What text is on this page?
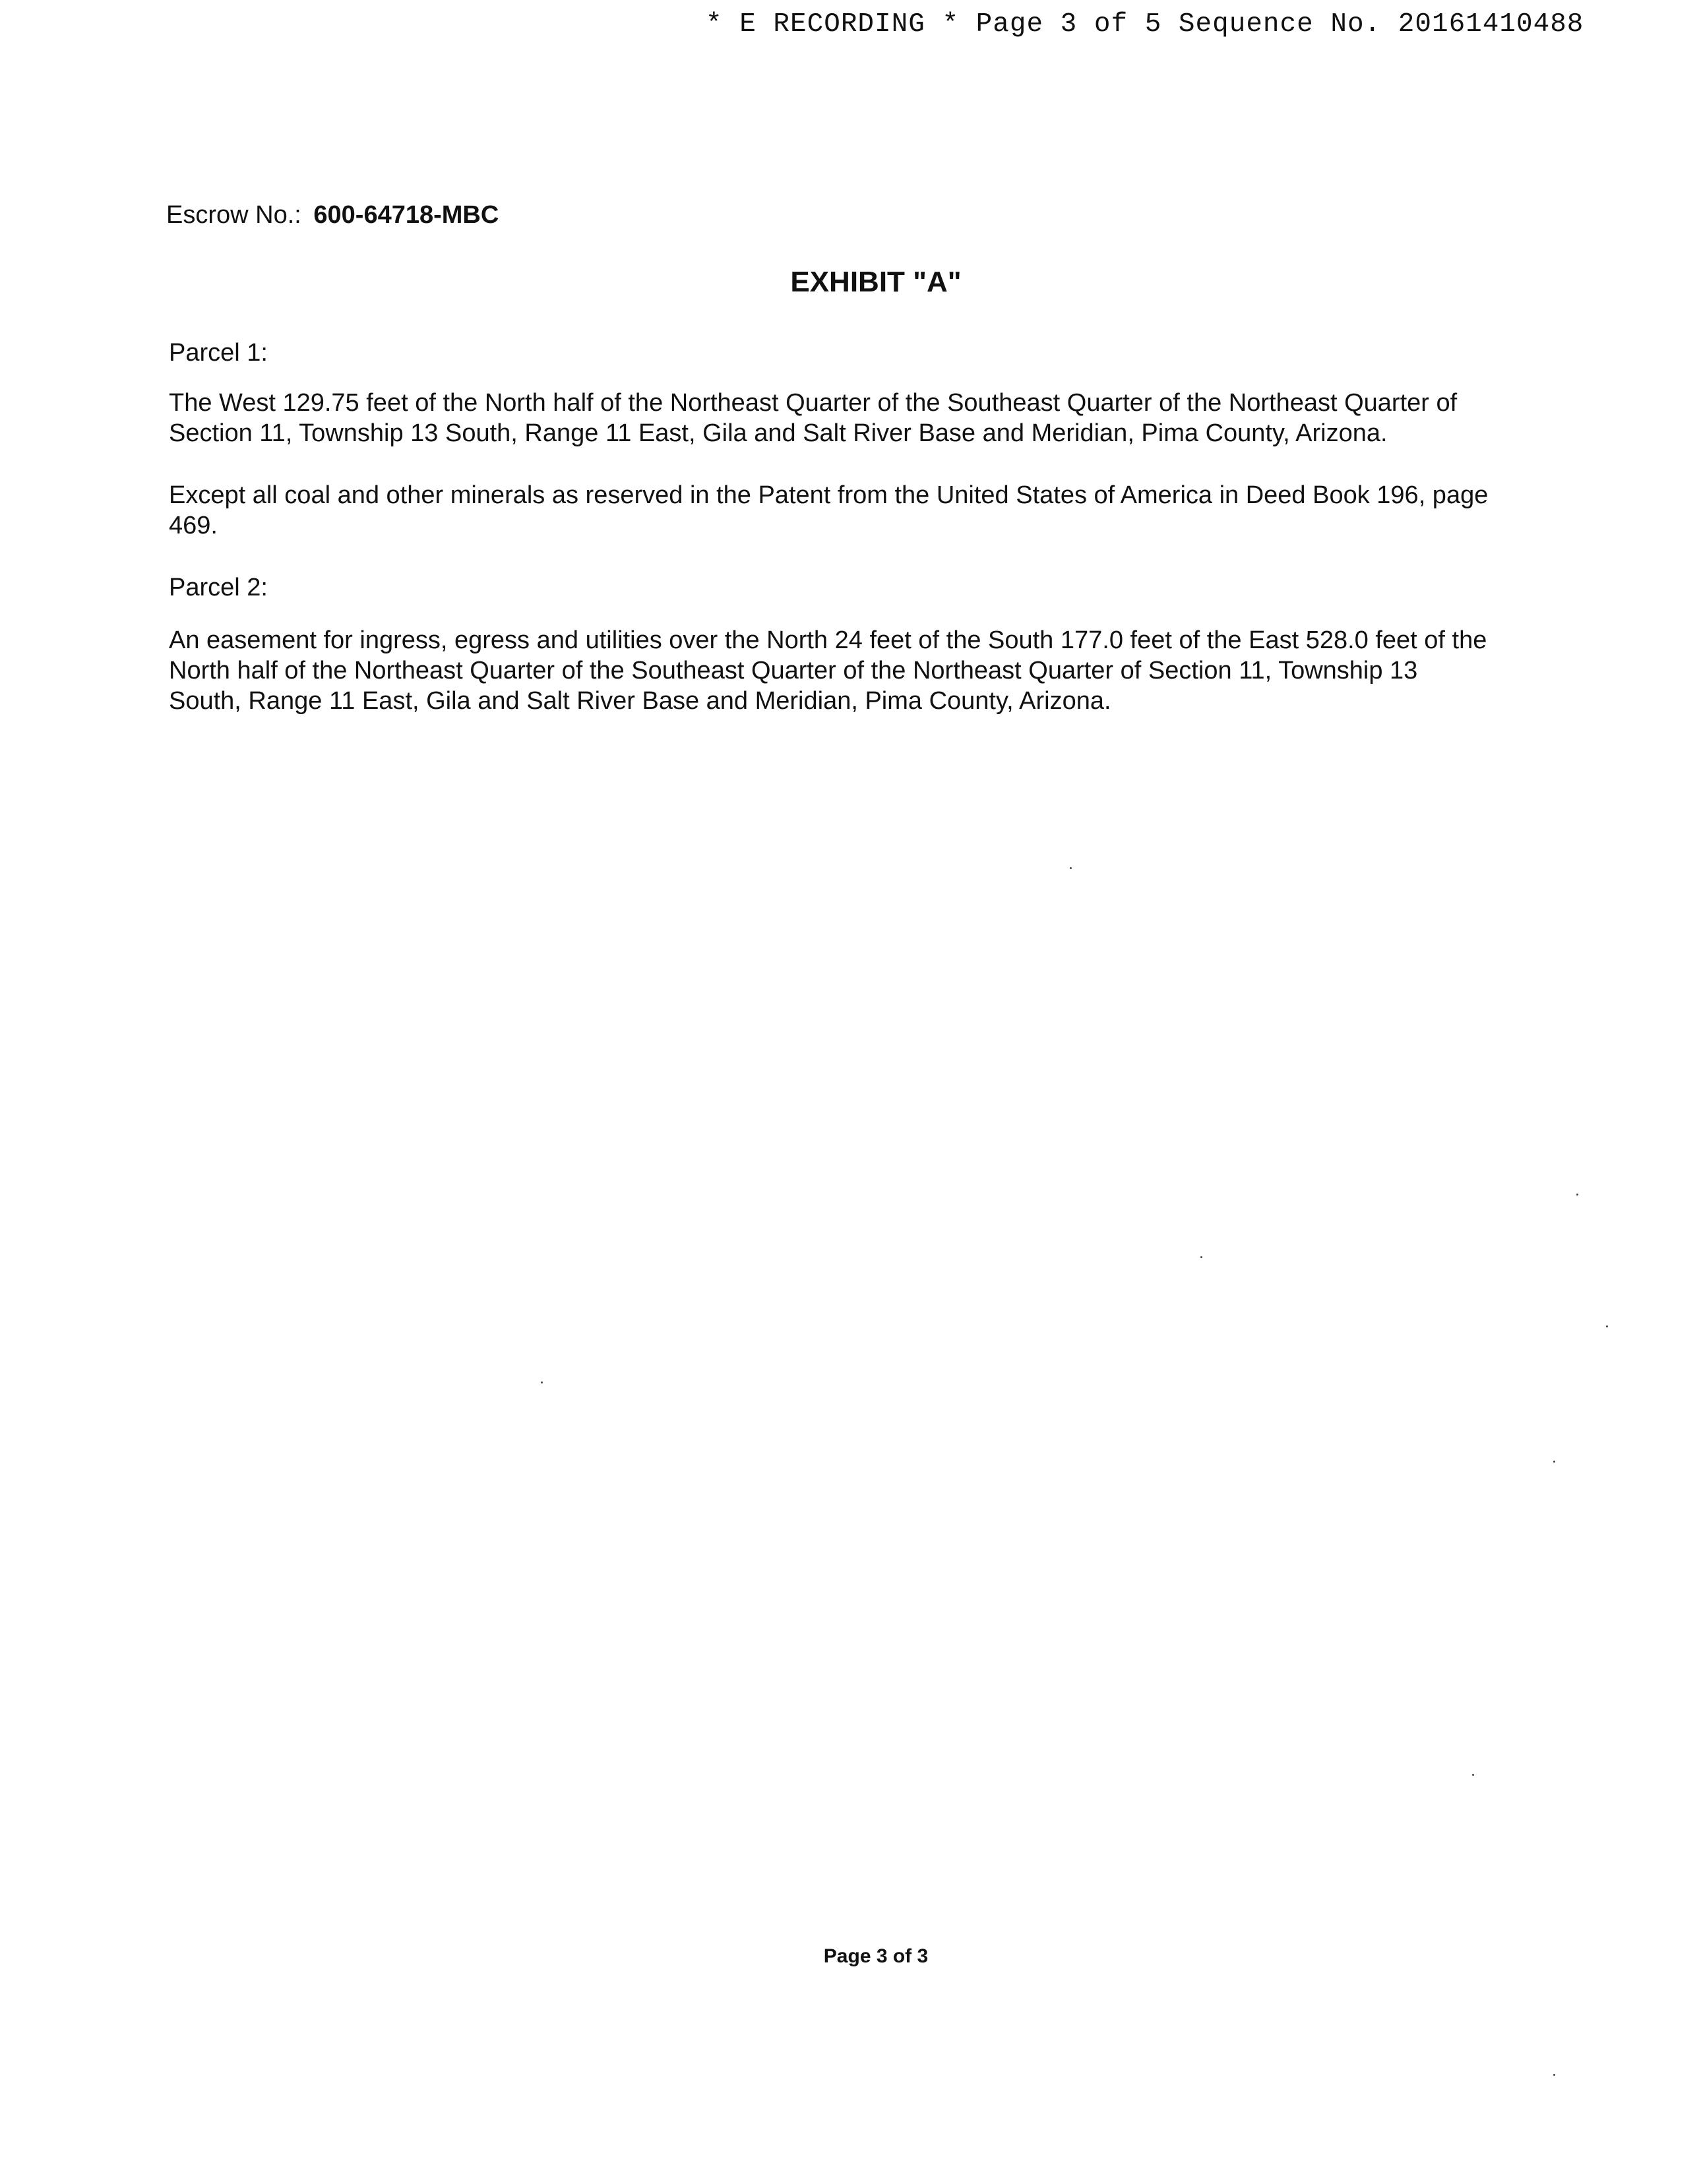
* E RECORDING * Page 3 of 5 Sequence No. 20161410488
Escrow No.: 600-64718-MBC
EXHIBIT "A"
Parcel 1:
The West 129.75 feet of the North half of the Northeast Quarter of the Southeast Quarter of the Northeast Quarter of Section 11, Township 13 South, Range 11 East, Gila and Salt River Base and Meridian, Pima County, Arizona.
Except all coal and other minerals as reserved in the Patent from the United States of America in Deed Book 196, page 469.
Parcel 2:
An easement for ingress, egress and utilities over the North 24 feet of the South 177.0 feet of the East 528.0 feet of the North half of the Northeast Quarter of the Southeast Quarter of the Northeast Quarter of Section 11, Township 13 South, Range 11 East, Gila and Salt River Base and Meridian, Pima County, Arizona.
Page 3 of 3
